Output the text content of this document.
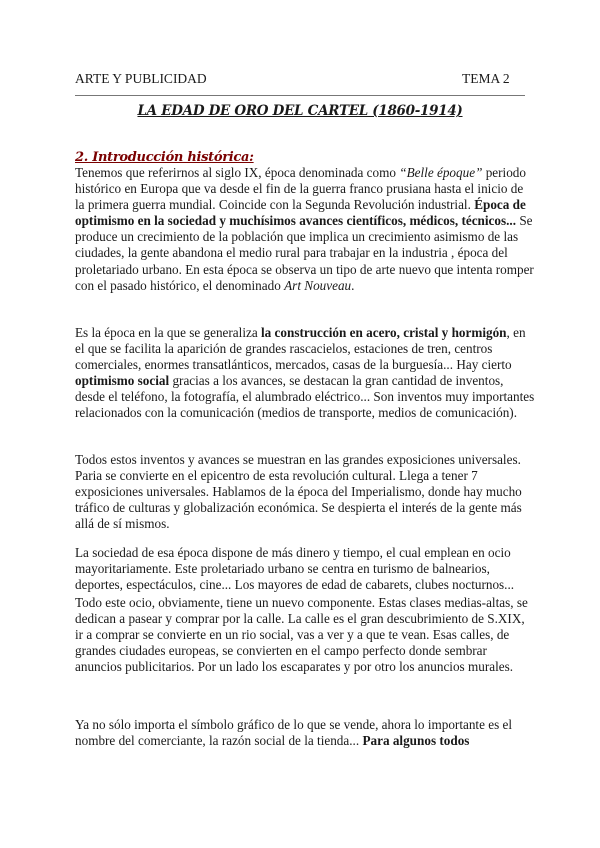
ARTE Y PUBLICIDAD	TEMA 2
LA EDAD DE ORO DEL CARTEL (1860-1914)
2. Introducción histórica:
Tenemos que referirnos al siglo IX, época denominada como “Belle époque” periodo histórico en Europa que va desde el fin de la guerra franco prusiana hasta el inicio de la primera guerra mundial. Coincide con la Segunda Revolución industrial. Época de optimismo en la sociedad y muchísimos avances científicos, médicos, técnicos... Se produce un crecimiento de la población que implica un crecimiento asimismo de las ciudades, la gente abandona el medio rural para trabajar en la industria , época del proletariado urbano. En esta época se observa un tipo de arte nuevo que intenta romper con el pasado histórico, el denominado Art Nouveau.
Es la época en la que se generaliza la construcción en acero, cristal y hormigón, en el que se facilita la aparición de grandes rascacielos, estaciones de tren, centros comerciales, enormes transatlánticos, mercados, casas de la burguesía... Hay cierto optimismo social gracias a los avances, se destacan la gran cantidad de inventos, desde el teléfono, la fotografía, el alumbrado eléctrico... Son inventos muy importantes relacionados con la comunicación (medios de transporte, medios de comunicación).
Todos estos inventos y avances se muestran en las grandes exposiciones universales. Paria se convierte en el epicentro de esta revolución cultural. Llega a tener 7 exposiciones universales. Hablamos de la época del Imperialismo, donde hay mucho tráfico de culturas y globalización económica. Se despierta el interés de la gente más allá de sí mismos.
La sociedad de esa época dispone de más dinero y tiempo, el cual emplean en ocio mayoritariamente. Este proletariado urbano se centra en turismo de balnearios, deportes, espectáculos, cine... Los mayores de edad de cabarets, clubes nocturnos...
Todo este ocio, obviamente, tiene un nuevo componente. Estas clases medias-altas, se dedican a pasear y comprar por la calle. La calle es el gran descubrimiento de S.XIX, ir a comprar se convierte en un rio social, vas a ver y a que te vean. Esas calles, de grandes ciudades europeas, se convierten en el campo perfecto donde sembrar anuncios publicitarios. Por un lado los escaparates y por otro los anuncios murales.
Ya no sólo importa el símbolo gráfico de lo que se vende, ahora lo importante es el nombre del comerciante, la razón social de la tienda... Para algunos todos
